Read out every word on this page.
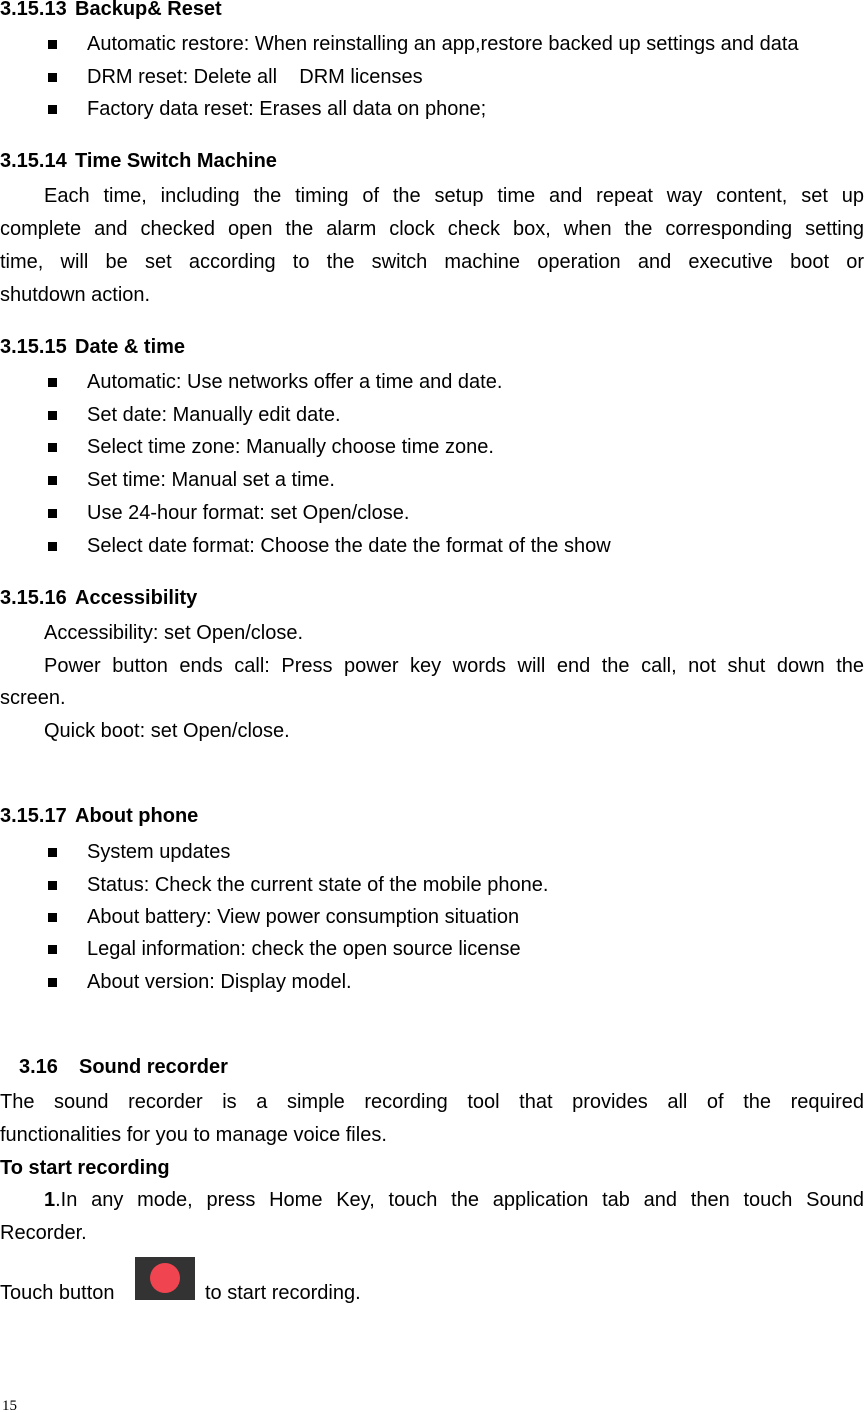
3.15.13 Backup& Reset
Automatic restore: When reinstalling an app,restore backed up settings and data
DRM reset: Delete all    DRM licenses
Factory data reset: Erases all data on phone;
3.15.14 Time Switch Machine
Each time, including the timing of the setup time and repeat way content, set up
complete and checked open the alarm clock check box, when the corresponding setting
time, will be set according to the switch machine operation and executive boot or
shutdown action.
3.15.15 Date & time
Automatic: Use networks offer a time and date.
Set date: Manually edit date.
Select time zone: Manually choose time zone.
Set time: Manual set a time.
Use 24-hour format: set Open/close.
Select date format: Choose the date the format of the show
3.15.16 Accessibility
Accessibility: set Open/close.
Power button ends call: Press power key words will end the call, not shut down the
screen.
Quick boot: set Open/close.
3.15.17 About phone
System updates
Status: Check the current state of the mobile phone.
About battery: View power consumption situation
Legal information: check the open source license
About version: Display model.
3.16 Sound recorder
The sound recorder is a simple recording tool that provides all of the required
functionalities for you to manage voice files.
To start recording
1 .In any mode, press Home Key, touch the application tab and then touch Sound
Recorder.
Touch button	to start recording.
15
